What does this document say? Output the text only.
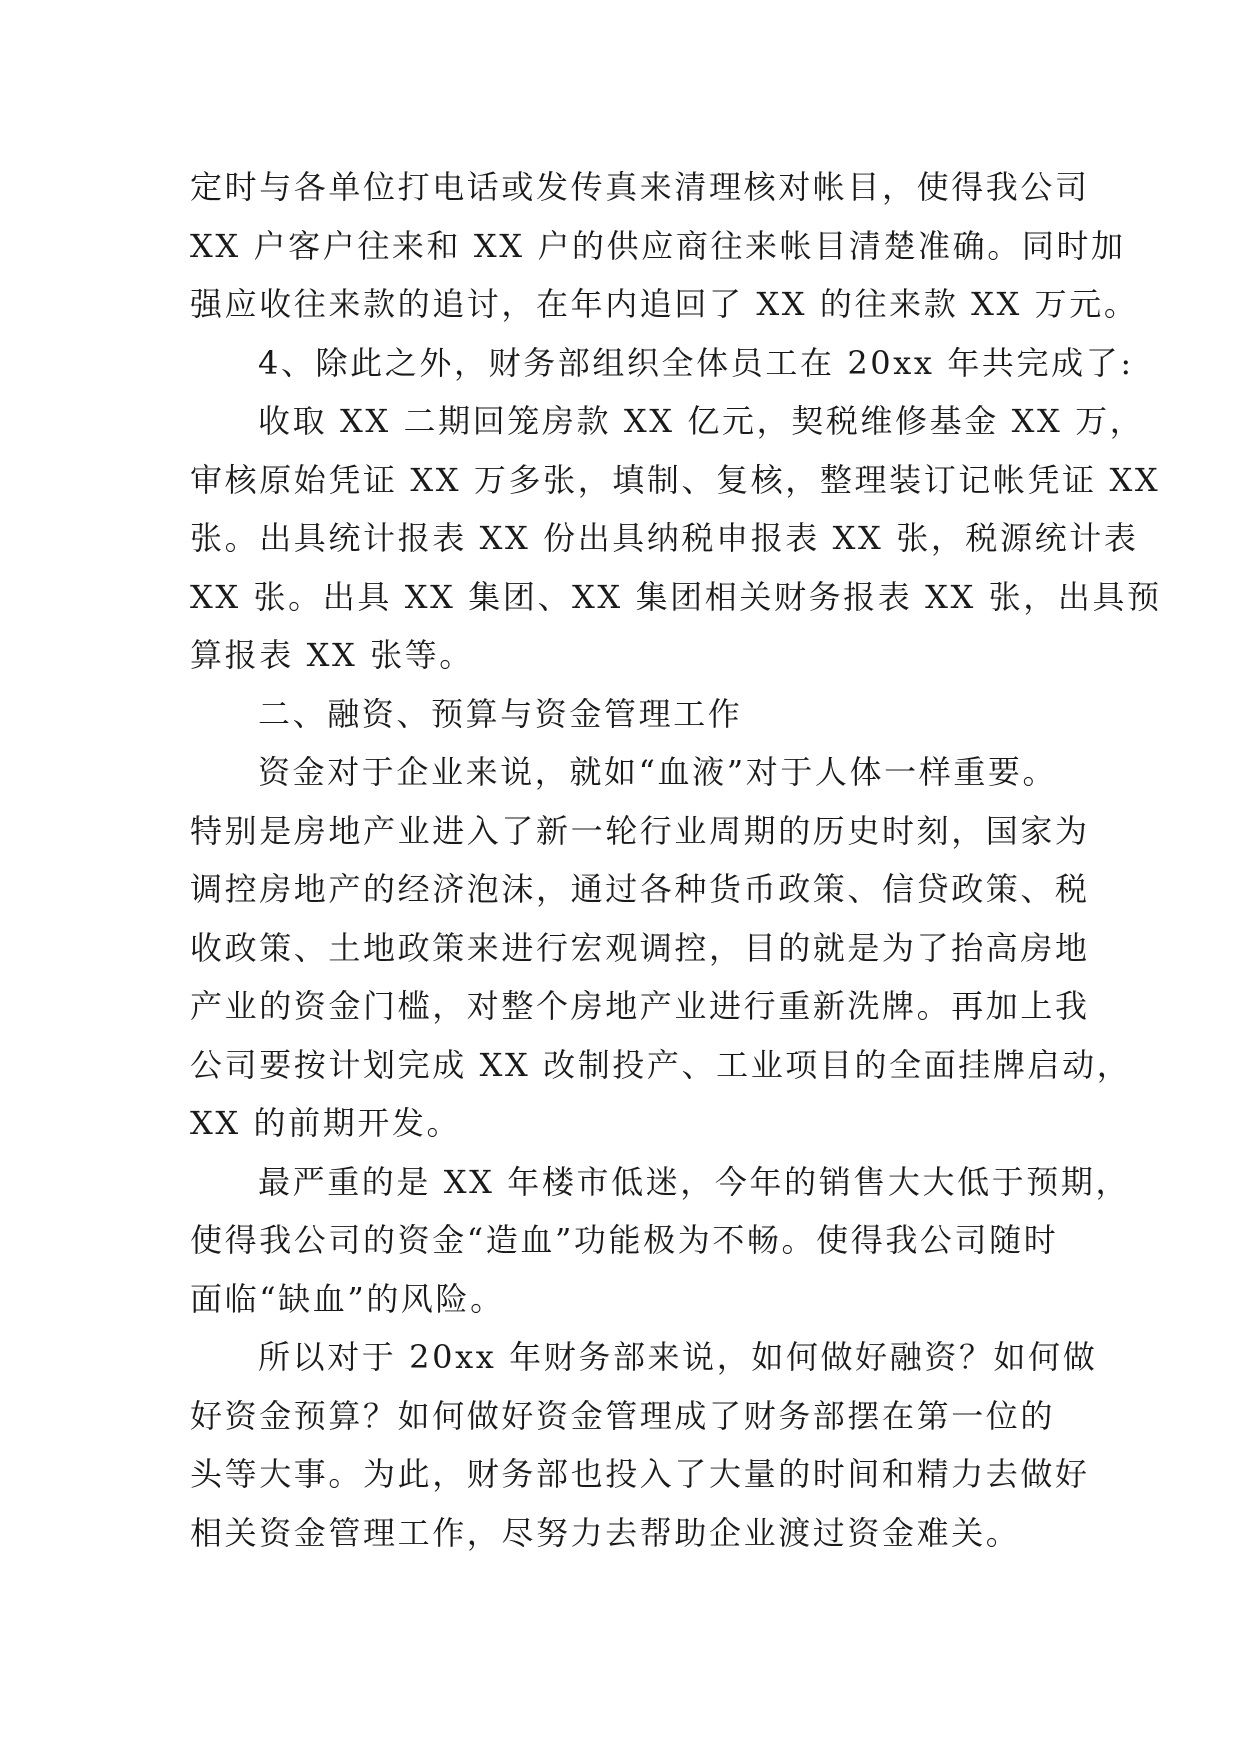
定时与各单位打电话或发传真来清理核对帐目，使得我公司
XX 户客户往来和 XX 户的供应商往来帐目清楚准确。同时加
强应收往来款的追讨，在年内追回了 XX 的往来款 XX 万元。
4、除此之外，财务部组织全体员工在 20xx 年共完成了:
收取 XX 二期回笼房款 XX 亿元，契税维修基金 XX 万，
审核原始凭证 XX 万多张，填制、复核，整理装订记帐凭证 XX
张。出具统计报表 XX 份出具纳税申报表 XX 张，税源统计表
XX 张。出具 XX 集团、XX 集团相关财务报表 XX 张，出具预
算报表 XX 张等。
二、融资、预算与资金管理工作
资金对于企业来说，就如“血液”对于人体一样重要。
特别是房地产业进入了新一轮行业周期的历史时刻，国家为
调控房地产的经济泡沫，通过各种货币政策、信贷政策、税
收政策、土地政策来进行宏观调控，目的就是为了抬高房地
产业的资金门槛，对整个房地产业进行重新洗牌。再加上我
公司要按计划完成 XX 改制投产、工业项目的全面挂牌启动，
XX 的前期开发。
最严重的是 XX 年楼市低迷，今年的销售大大低于预期，
使得我公司的资金“造血”功能极为不畅。使得我公司随时
面临“缺血”的风险。
所以对于 20xx 年财务部来说，如何做好融资？如何做
好资金预算？如何做好资金管理成了财务部摆在第一位的
头等大事。为此，财务部也投入了大量的时间和精力去做好
相关资金管理工作，尽努力去帮助企业渡过资金难关。
